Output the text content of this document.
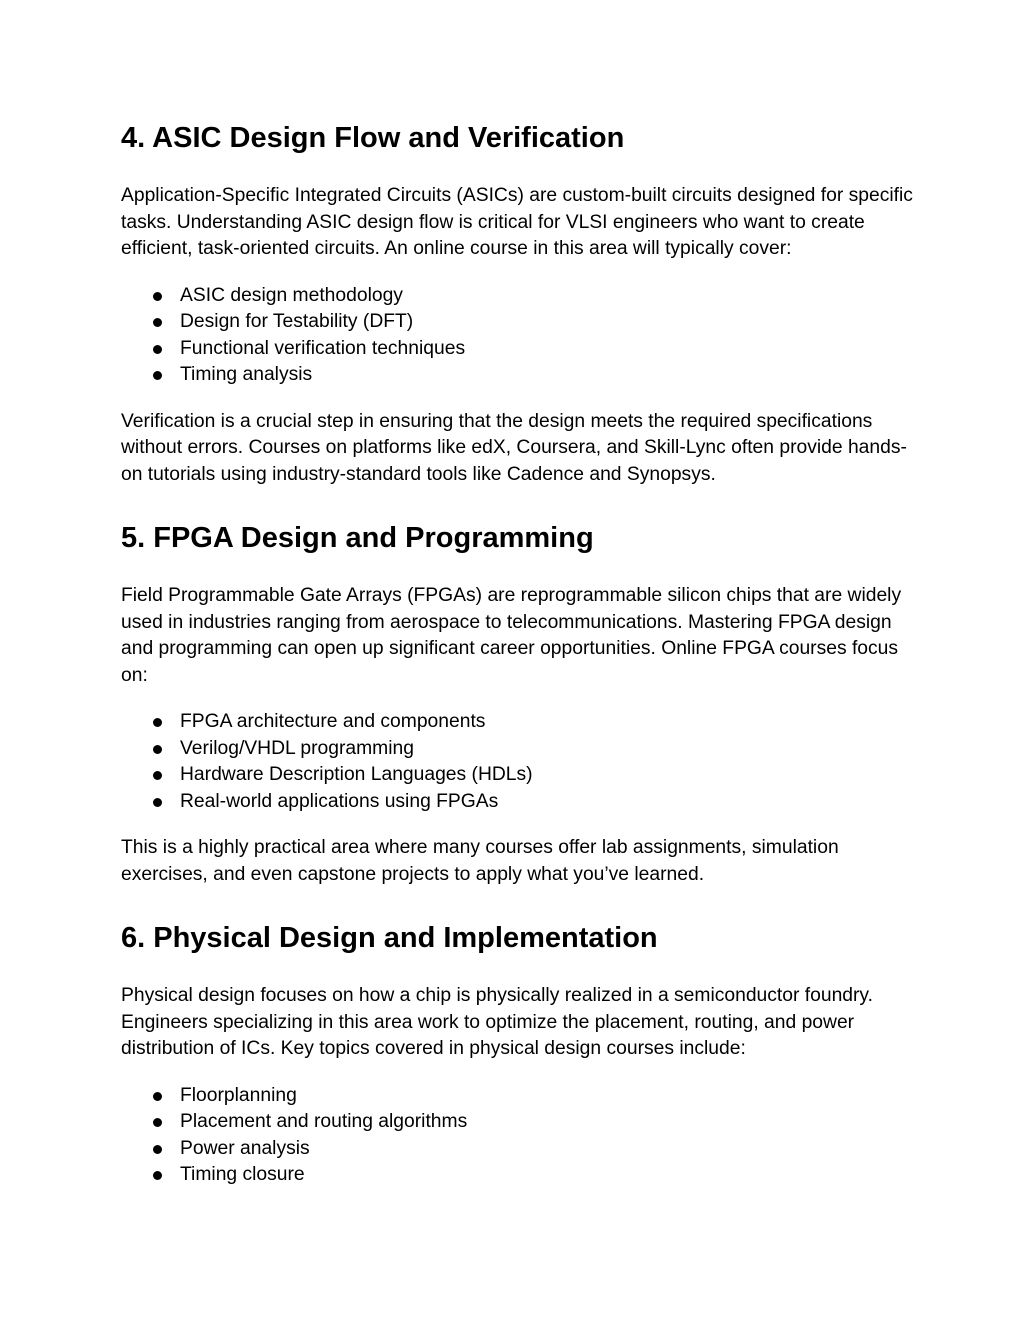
4. ASIC Design Flow and Verification

Application-Specific Integrated Circuits (ASICs) are custom-built circuits designed for specific tasks. Understanding ASIC design flow is critical for VLSI engineers who want to create efficient, task-oriented circuits. An online course in this area will typically cover:

ASIC design methodology
Design for Testability (DFT)
Functional verification techniques
Timing analysis

Verification is a crucial step in ensuring that the design meets the required specifications without errors. Courses on platforms like edX, Coursera, and Skill-Lync often provide hands-on tutorials using industry-standard tools like Cadence and Synopsys.

5. FPGA Design and Programming

Field Programmable Gate Arrays (FPGAs) are reprogrammable silicon chips that are widely used in industries ranging from aerospace to telecommunications. Mastering FPGA design and programming can open up significant career opportunities. Online FPGA courses focus on:

FPGA architecture and components
Verilog/VHDL programming
Hardware Description Languages (HDLs)
Real-world applications using FPGAs

This is a highly practical area where many courses offer lab assignments, simulation exercises, and even capstone projects to apply what you’ve learned.

6. Physical Design and Implementation

Physical design focuses on how a chip is physically realized in a semiconductor foundry. Engineers specializing in this area work to optimize the placement, routing, and power distribution of ICs. Key topics covered in physical design courses include:

Floorplanning
Placement and routing algorithms
Power analysis
Timing closure
